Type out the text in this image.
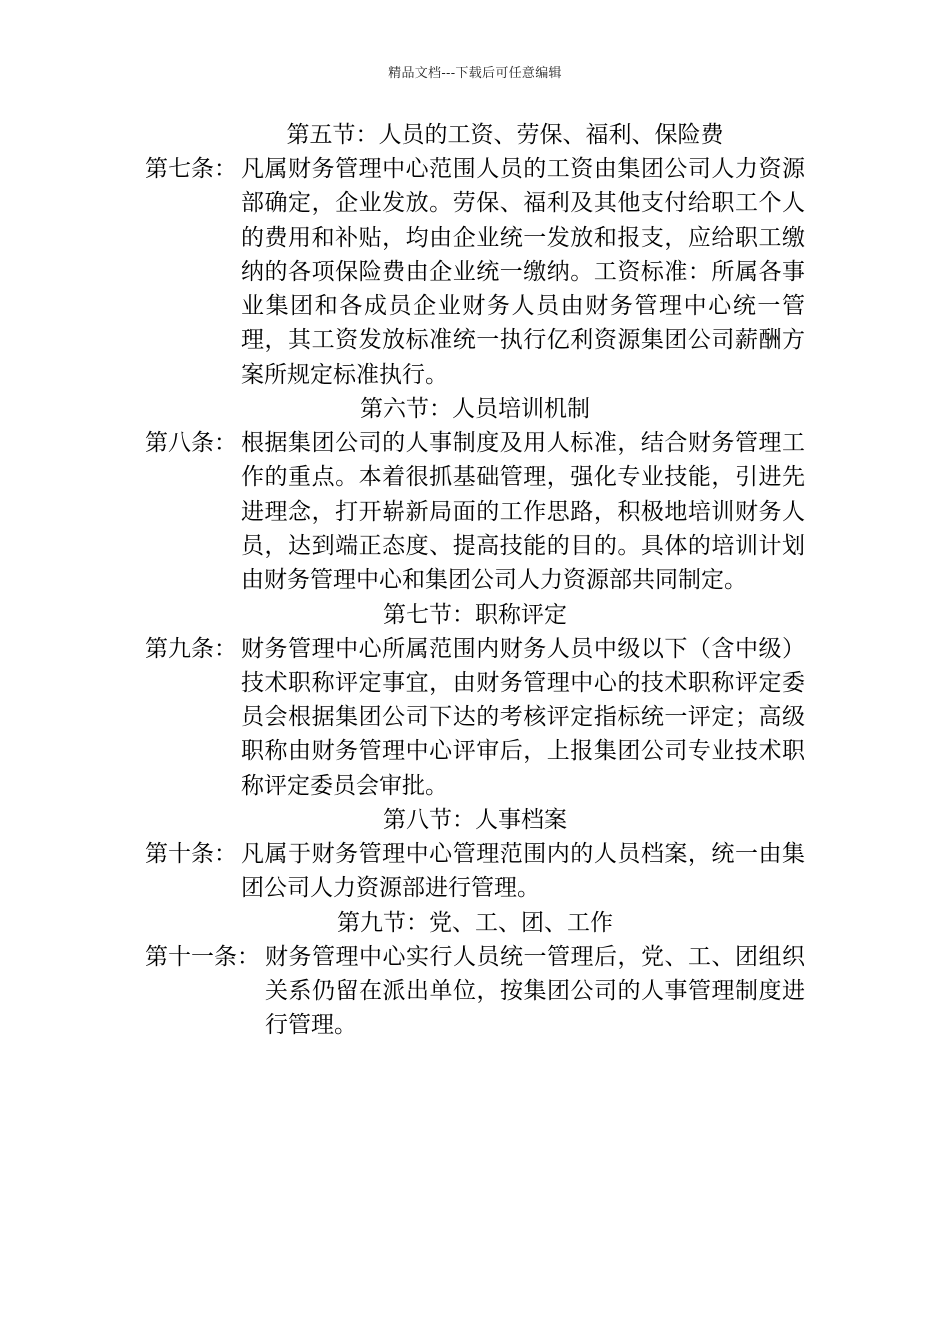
精品文档---下载后可任意编辑
第五节：人员的工资、劳保、福利、保险费
第七条： 凡属财务管理中心范围人员的工资由集团公司人力资源部确定，企业发放。劳保、福利及其他支付给职工个人的费用和补贴，均由企业统一发放和报支，应给职工缴纳的各项保险费由企业统一缴纳。工资标准：所属各事业集团和各成员企业财务人员由财务管理中心统一管理，其工资发放标准统一执行亿利资源集团公司薪酬方案所规定标准执行。
第六节：人员培训机制
第八条： 根据集团公司的人事制度及用人标准，结合财务管理工作的重点。本着很抓基础管理，强化专业技能，引进先进理念，打开崭新局面的工作思路，积极地培训财务人员，达到端正态度、提高技能的目的。具体的培训计划由财务管理中心和集团公司人力资源部共同制定。
第七节：职称评定
第九条： 财务管理中心所属范围内财务人员中级以下（含中级）技术职称评定事宜，由财务管理中心的技术职称评定委员会根据集团公司下达的考核评定指标统一评定；高级职称由财务管理中心评审后，上报集团公司专业技术职称评定委员会审批。
第八节：人事档案
第十条： 凡属于财务管理中心管理范围内的人员档案，统一由集团公司人力资源部进行管理。
第九节：党、工、团、工作
第十一条： 财务管理中心实行人员统一管理后，党、工、团组织关系仍留在派出单位，按集团公司的人事管理制度进行管理。
